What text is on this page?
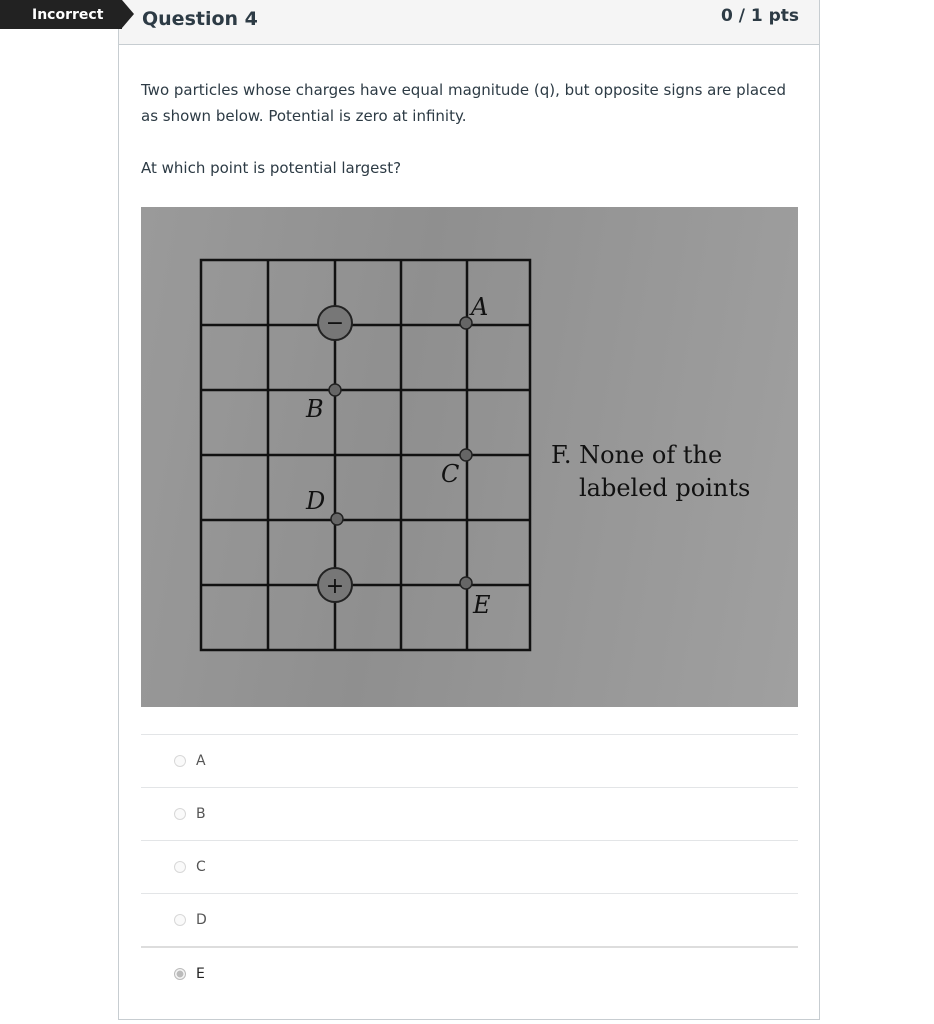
Question 4	0 / 1 pts
Incorrect
Two particles whose charges have equal magnitude (q), but opposite signs are placed as shown below. Potential is zero at infinity.
At which point is potential largest?
−
+
A
B
C
D
E
F. None of the
labeled points
A
B
C
D
E
